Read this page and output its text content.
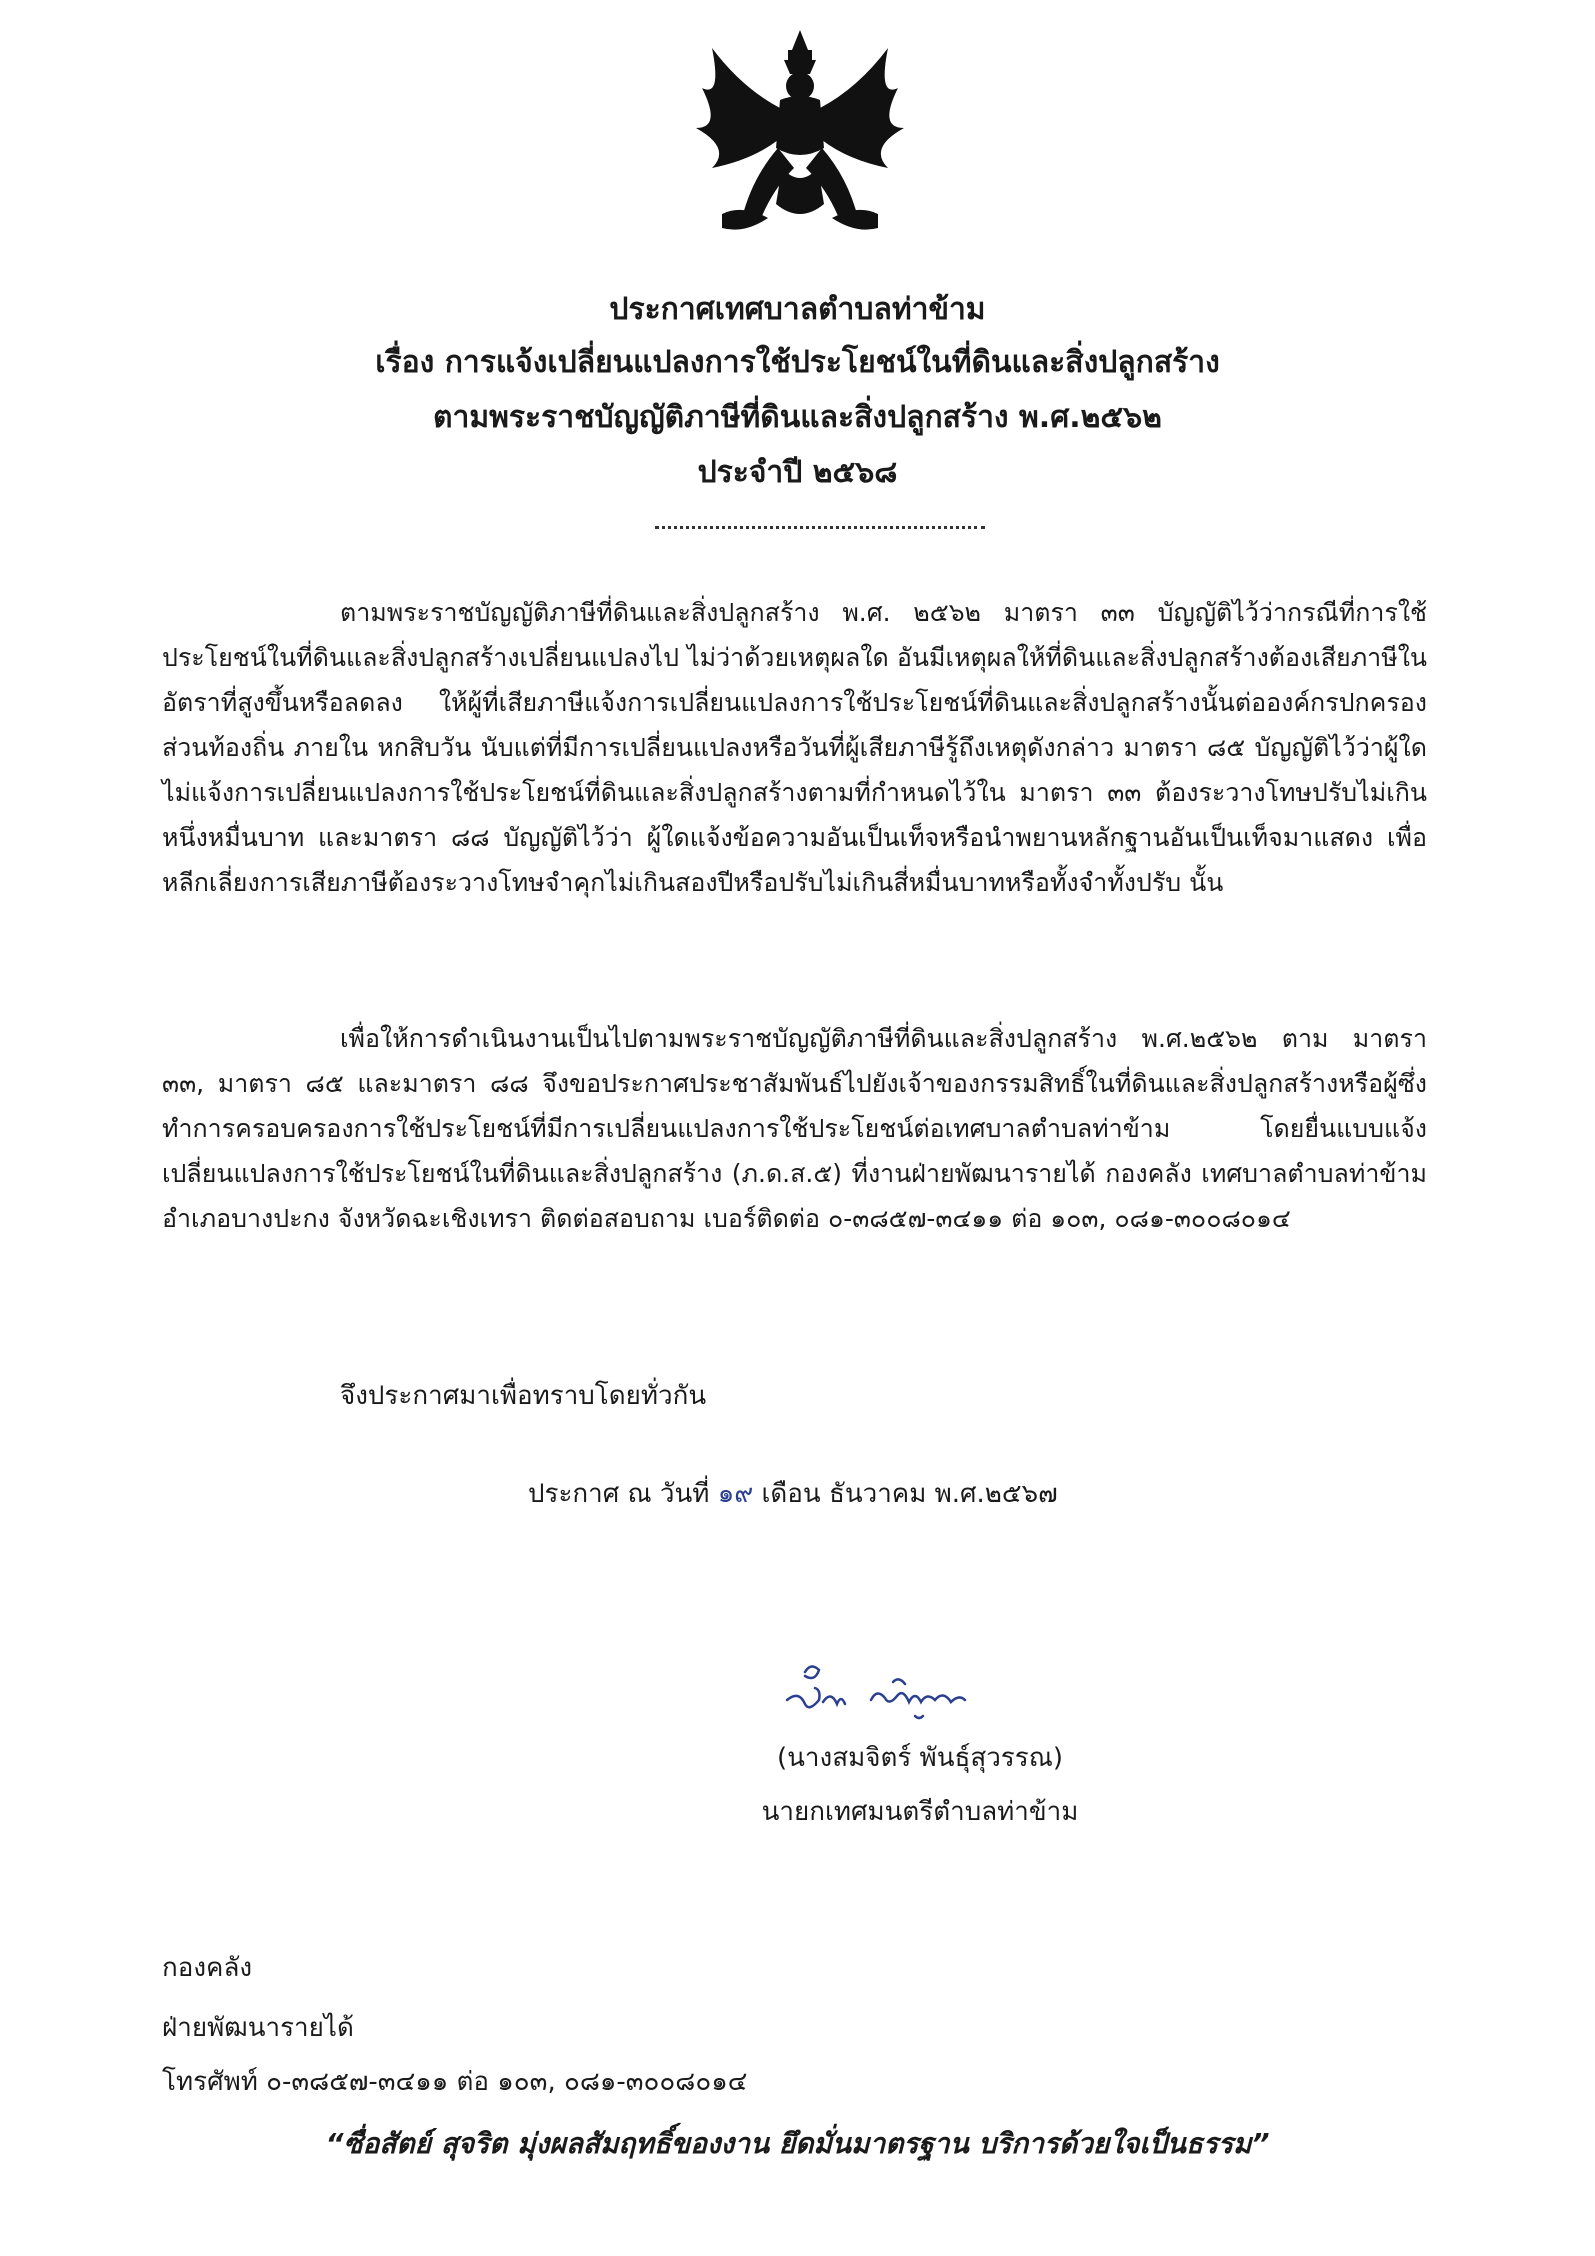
ประกาศเทศบาลตำบลท่าข้าม
เรื่อง การแจ้งเปลี่ยนแปลงการใช้ประโยชน์ในที่ดินและสิ่งปลูกสร้าง
ตามพระราชบัญญัติภาษีที่ดินและสิ่งปลูกสร้าง พ.ศ.๒๕๖๒
ประจำปี ๒๕๖๘

ตามพระราชบัญญัติภาษีที่ดินและสิ่งปลูกสร้าง พ.ศ. ๒๕๖๒ มาตรา ๓๓ บัญญัติไว้ว่ากรณีที่การใช้ประโยชน์ในที่ดินและสิ่งปลูกสร้างเปลี่ยนแปลงไป ไม่ว่าด้วยเหตุผลใด อันมีเหตุผลให้ที่ดินและสิ่งปลูกสร้างต้องเสียภาษีในอัตราที่สูงขึ้นหรือลดลง ให้ผู้ที่เสียภาษีแจ้งการเปลี่ยนแปลงการใช้ประโยชน์ที่ดินและสิ่งปลูกสร้างนั้นต่อองค์กรปกครองส่วนท้องถิ่น ภายใน หกสิบวัน นับแต่ที่มีการเปลี่ยนแปลงหรือวันที่ผู้เสียภาษีรู้ถึงเหตุดังกล่าว มาตรา ๘๕ บัญญัติไว้ว่าผู้ใดไม่แจ้งการเปลี่ยนแปลงการใช้ประโยชน์ที่ดินและสิ่งปลูกสร้างตามที่กำหนดไว้ใน มาตรา ๓๓ ต้องระวางโทษปรับไม่เกินหนึ่งหมื่นบาท และมาตรา ๘๘ บัญญัติไว้ว่า ผู้ใดแจ้งข้อความอันเป็นเท็จหรือนำพยานหลักฐานอันเป็นเท็จมาแสดง เพื่อหลีกเลี่ยงการเสียภาษีต้องระวางโทษจำคุกไม่เกินสองปีหรือปรับไม่เกินสี่หมื่นบาทหรือทั้งจำทั้งปรับ นั้น

เพื่อให้การดำเนินงานเป็นไปตามพระราชบัญญัติภาษีที่ดินและสิ่งปลูกสร้าง พ.ศ.๒๕๖๒ ตาม มาตรา ๓๓, มาตรา ๘๕ และมาตรา ๘๘ จึงขอประกาศประชาสัมพันธ์ไปยังเจ้าของกรรมสิทธิ์ในที่ดินและสิ่งปลูกสร้างหรือผู้ซึ่งทำการครอบครองการใช้ประโยชน์ที่มีการเปลี่ยนแปลงการใช้ประโยชน์ต่อเทศบาลตำบลท่าข้าม โดยยื่นแบบแจ้งเปลี่ยนแปลงการใช้ประโยชน์ในที่ดินและสิ่งปลูกสร้าง (ภ.ด.ส.๕) ที่งานฝ่ายพัฒนารายได้ กองคลัง เทศบาลตำบลท่าข้าม อำเภอบางปะกง จังหวัดฉะเชิงเทรา ติดต่อสอบถาม เบอร์ติดต่อ ๐-๓๘๕๗-๓๔๑๑ ต่อ ๑๐๓, ๐๘๑-๓๐๐๘๐๑๔

จึงประกาศมาเพื่อทราบโดยทั่วกัน
ประกาศ ณ วันที่ ๑๙ เดือน ธันวาคม พ.ศ.๒๕๖๗
(นางสมจิตร์ พันธุ์สุวรรณ)
นายกเทศมนตรีตำบลท่าข้าม
กองคลัง
ฝ่ายพัฒนารายได้
โทรศัพท์ ๐-๓๘๕๗-๓๔๑๑ ต่อ ๑๐๓, ๐๘๑-๓๐๐๘๐๑๔
“ซื่อสัตย์ สุจริต มุ่งผลสัมฤทธิ์ของงาน ยึดมั่นมาตรฐาน บริการด้วยใจเป็นธรรม”
